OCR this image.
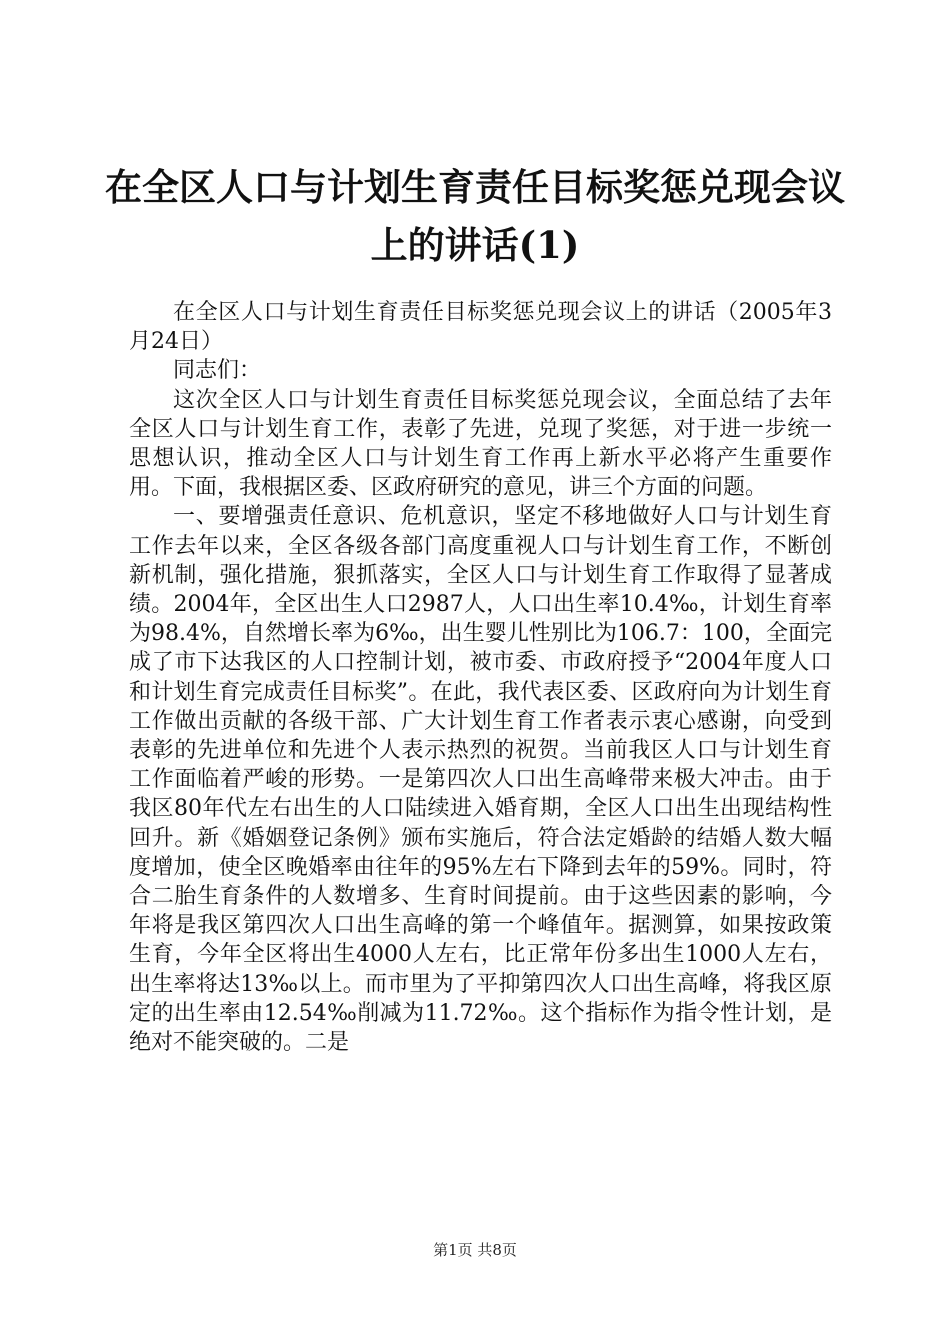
在全区人口与计划生育责任目标奖惩兑现会议
上的讲话(1)

在全区人口与计划生育责任目标奖惩兑现会议上的讲话（2005年3月24日）

同志们：

这次全区人口与计划生育责任目标奖惩兑现会议，全面总结了去年全区人口与计划生育工作，表彰了先进，兑现了奖惩，对于进一步统一思想认识，推动全区人口与计划生育工作再上新水平必将产生重要作用。下面，我根据区委、区政府研究的意见，讲三个方面的问题。

一、要增强责任意识、危机意识，坚定不移地做好人口与计划生育工作去年以来，全区各级各部门高度重视人口与计划生育工作，不断创新机制，强化措施，狠抓落实，全区人口与计划生育工作取得了显著成绩。2004年，全区出生人口2987人，人口出生率10.4‰，计划生育率为98.4%，自然增长率为6‰，出生婴儿性别比为106.7：100，全面完成了市下达我区的人口控制计划，被市委、市政府授予“2004年度人口和计划生育完成责任目标奖”。在此，我代表区委、区政府向为计划生育工作做出贡献的各级干部、广大计划生育工作者表示衷心感谢，向受到表彰的先进单位和先进个人表示热烈的祝贺。当前我区人口与计划生育工作面临着严峻的形势。一是第四次人口出生高峰带来极大冲击。由于我区80年代左右出生的人口陆续进入婚育期，全区人口出生出现结构性回升。新《婚姻登记条例》颁布实施后，符合法定婚龄的结婚人数大幅度增加，使全区晚婚率由往年的95%左右下降到去年的59%。同时，符合二胎生育条件的人数增多、生育时间提前。由于这些因素的影响，今年将是我区第四次人口出生高峰的第一个峰值年。据测算，如果按政策生育，今年全区将出生4000人左右，比正常年份多出生1000人左右，出生率将达13‰以上。而市里为了平抑第四次人口出生高峰，将我区原定的出生率由12.54‰削减为11.72‰。这个指标作为指令性计划，是绝对不能突破的。二是

第1页 共8页
